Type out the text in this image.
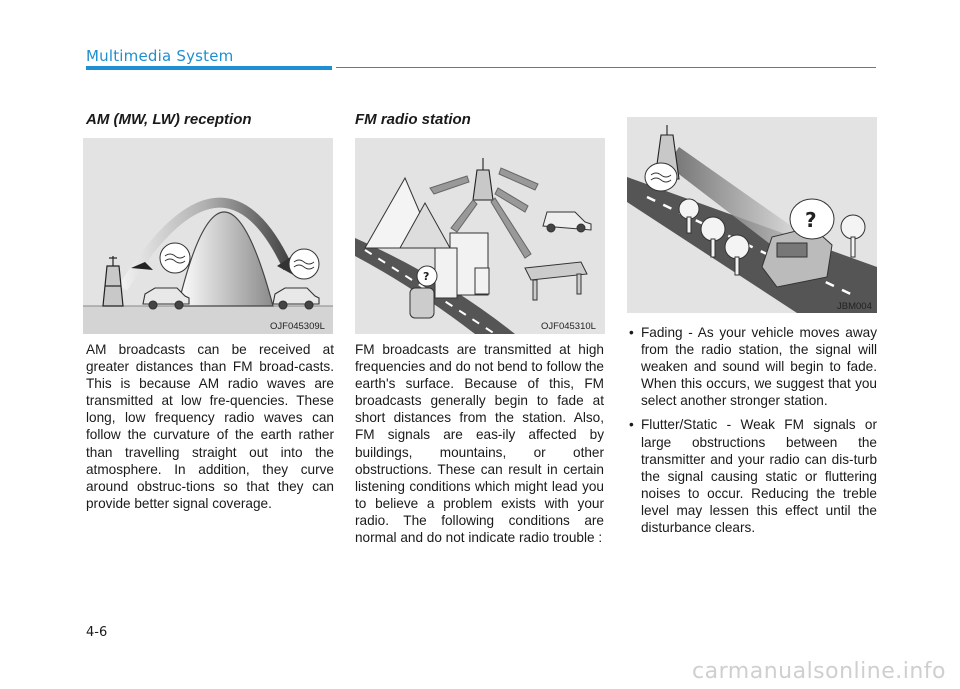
Multimedia System
AM (MW, LW) reception
OJF045309L
AM broadcasts can be received at greater distances than FM broad-casts. This is because AM radio waves are transmitted at low fre-quencies. These long, low frequency radio waves can follow the curvature of the earth rather than travelling straight out into the atmosphere. In addition, they curve around obstruc-tions so that they can provide better signal coverage.
FM radio station
?
OJF045310L
FM broadcasts are transmitted at high frequencies and do not bend to follow the earth's surface. Because of this, FM broadcasts generally begin to fade at short distances from the station. Also, FM signals are eas-ily affected by buildings, mountains, or other obstructions. These can result in certain listening conditions which might lead you to believe a problem exists with your radio. The following conditions are normal and do not indicate radio trouble :
?
JBM004
• Fading - As your vehicle moves away from the radio station, the signal will weaken and sound will begin to fade. When this occurs, we suggest that you select another stronger station.
• Flutter/Static - Weak FM signals or large obstructions between the transmitter and your radio can dis-turb the signal causing static or fluttering noises to occur. Reducing the treble level may lessen this effect until the disturbance clears.
4-6
carmanualsonline.info
